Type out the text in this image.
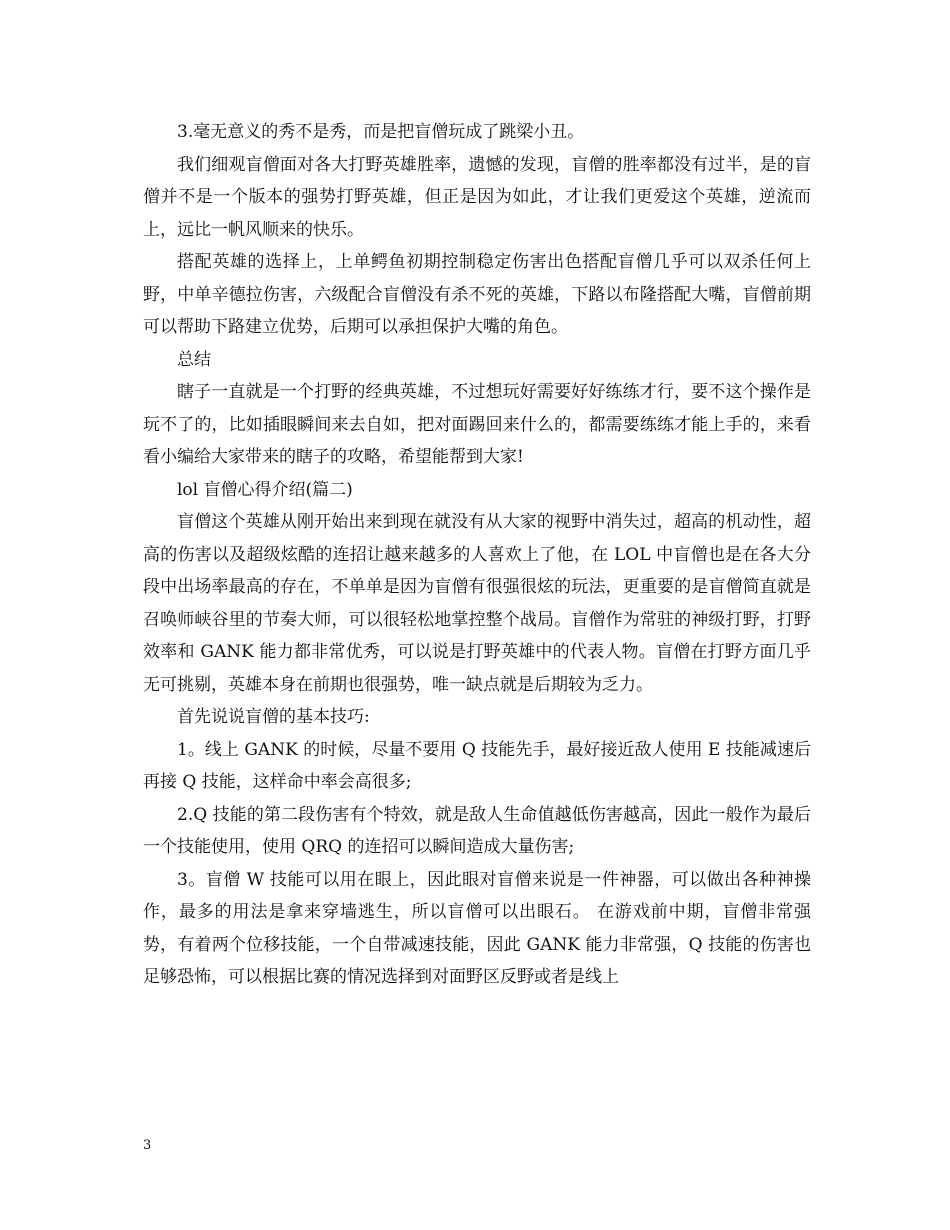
3.毫无意义的秀不是秀，而是把盲僧玩成了跳梁小丑。

我们细观盲僧面对各大打野英雄胜率，遗憾的发现，盲僧的胜率都没有过半，是的盲僧并不是一个版本的强势打野英雄，但正是因为如此，才让我们更爱这个英雄，逆流而上，远比一帆风顺来的快乐。

搭配英雄的选择上，上单鳄鱼初期控制稳定伤害出色搭配盲僧几乎可以双杀任何上野，中单辛德拉伤害，六级配合盲僧没有杀不死的英雄，下路以布隆搭配大嘴，盲僧前期可以帮助下路建立优势，后期可以承担保护大嘴的角色。

总结

瞎子一直就是一个打野的经典英雄，不过想玩好需要好好练练才行，要不这个操作是玩不了的，比如插眼瞬间来去自如，把对面踢回来什么的，都需要练练才能上手的，来看看小编给大家带来的瞎子的攻略，希望能帮到大家!

lol 盲僧心得介绍(篇二)

盲僧这个英雄从刚开始出来到现在就没有从大家的视野中消失过，超高的机动性，超高的伤害以及超级炫酷的连招让越来越多的人喜欢上了他，在 LOL 中盲僧也是在各大分段中出场率最高的存在，不单单是因为盲僧有很强很炫的玩法，更重要的是盲僧简直就是召唤师峡谷里的节奏大师，可以很轻松地掌控整个战局。盲僧作为常驻的神级打野，打野效率和 GANK 能力都非常优秀，可以说是打野英雄中的代表人物。盲僧在打野方面几乎无可挑剔，英雄本身在前期也很强势，唯一缺点就是后期较为乏力。

首先说说盲僧的基本技巧:

1。线上 GANK 的时候，尽量不要用 Q 技能先手，最好接近敌人使用 E 技能减速后再接 Q 技能，这样命中率会高很多;

2.Q 技能的第二段伤害有个特效，就是敌人生命值越低伤害越高，因此一般作为最后一个技能使用，使用 QRQ 的连招可以瞬间造成大量伤害;

3。盲僧 W 技能可以用在眼上，因此眼对盲僧来说是一件神器，可以做出各种神操作，最多的用法是拿来穿墙逃生，所以盲僧可以出眼石。 在游戏前中期，盲僧非常强势，有着两个位移技能，一个自带减速技能，因此 GANK 能力非常强，Q 技能的伤害也足够恐怖，可以根据比赛的情况选择到对面野区反野或者是线上

3
